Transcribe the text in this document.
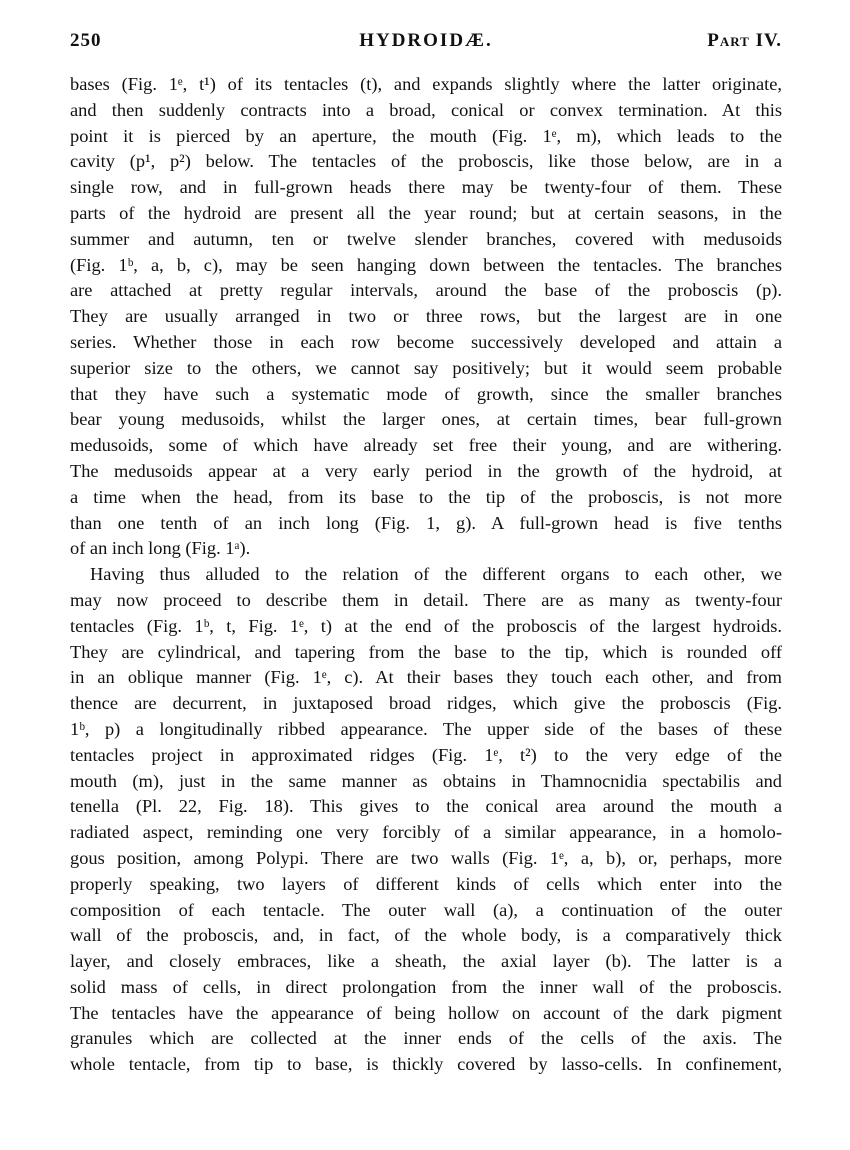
250	HYDROIDÆ.	Part IV.
bases (Fig. 1ᵉ, t¹) of its tentacles (t), and expands slightly where the latter originate,
and then suddenly contracts into a broad, conical or convex termination. At this
point it is pierced by an aperture, the mouth (Fig. 1ᵉ, m), which leads to the
cavity (p¹, p²) below. The tentacles of the proboscis, like those below, are in a
single row, and in full-grown heads there may be twenty-four of them. These
parts of the hydroid are present all the year round; but at certain seasons, in the
summer and autumn, ten or twelve slender branches, covered with medusoids
(Fig. 1ᵇ, a, b, c), may be seen hanging down between the tentacles. The branches
are attached at pretty regular intervals, around the base of the proboscis (p).
They are usually arranged in two or three rows, but the largest are in one
series. Whether those in each row become successively developed and attain a
superior size to the others, we cannot say positively; but it would seem probable
that they have such a systematic mode of growth, since the smaller branches
bear young medusoids, whilst the larger ones, at certain times, bear full-grown
medusoids, some of which have already set free their young, and are withering.
The medusoids appear at a very early period in the growth of the hydroid, at
a time when the head, from its base to the tip of the proboscis, is not more
than one tenth of an inch long (Fig. 1, g). A full-grown head is five tenths
of an inch long (Fig. 1ᵃ).
Having thus alluded to the relation of the different organs to each other, we
may now proceed to describe them in detail. There are as many as twenty-four
tentacles (Fig. 1ᵇ, t, Fig. 1ᵉ, t) at the end of the proboscis of the largest hydroids.
They are cylindrical, and tapering from the base to the tip, which is rounded off
in an oblique manner (Fig. 1ᵉ, c). At their bases they touch each other, and from
thence are decurrent, in juxtaposed broad ridges, which give the proboscis (Fig.
1ᵇ, p) a longitudinally ribbed appearance. The upper side of the bases of these
tentacles project in approximated ridges (Fig. 1ᵉ, t²) to the very edge of the
mouth (m), just in the same manner as obtains in Thamnocnidia spectabilis and
tenella (Pl. 22, Fig. 18). This gives to the conical area around the mouth a
radiated aspect, reminding one very forcibly of a similar appearance, in a homolo-
gous position, among Polypi. There are two walls (Fig. 1ᵉ, a, b), or, perhaps, more
properly speaking, two layers of different kinds of cells which enter into the
composition of each tentacle. The outer wall (a), a continuation of the outer
wall of the proboscis, and, in fact, of the whole body, is a comparatively thick
layer, and closely embraces, like a sheath, the axial layer (b). The latter is a
solid mass of cells, in direct prolongation from the inner wall of the proboscis.
The tentacles have the appearance of being hollow on account of the dark pigment
granules which are collected at the inner ends of the cells of the axis. The
whole tentacle, from tip to base, is thickly covered by lasso-cells. In confinement,
